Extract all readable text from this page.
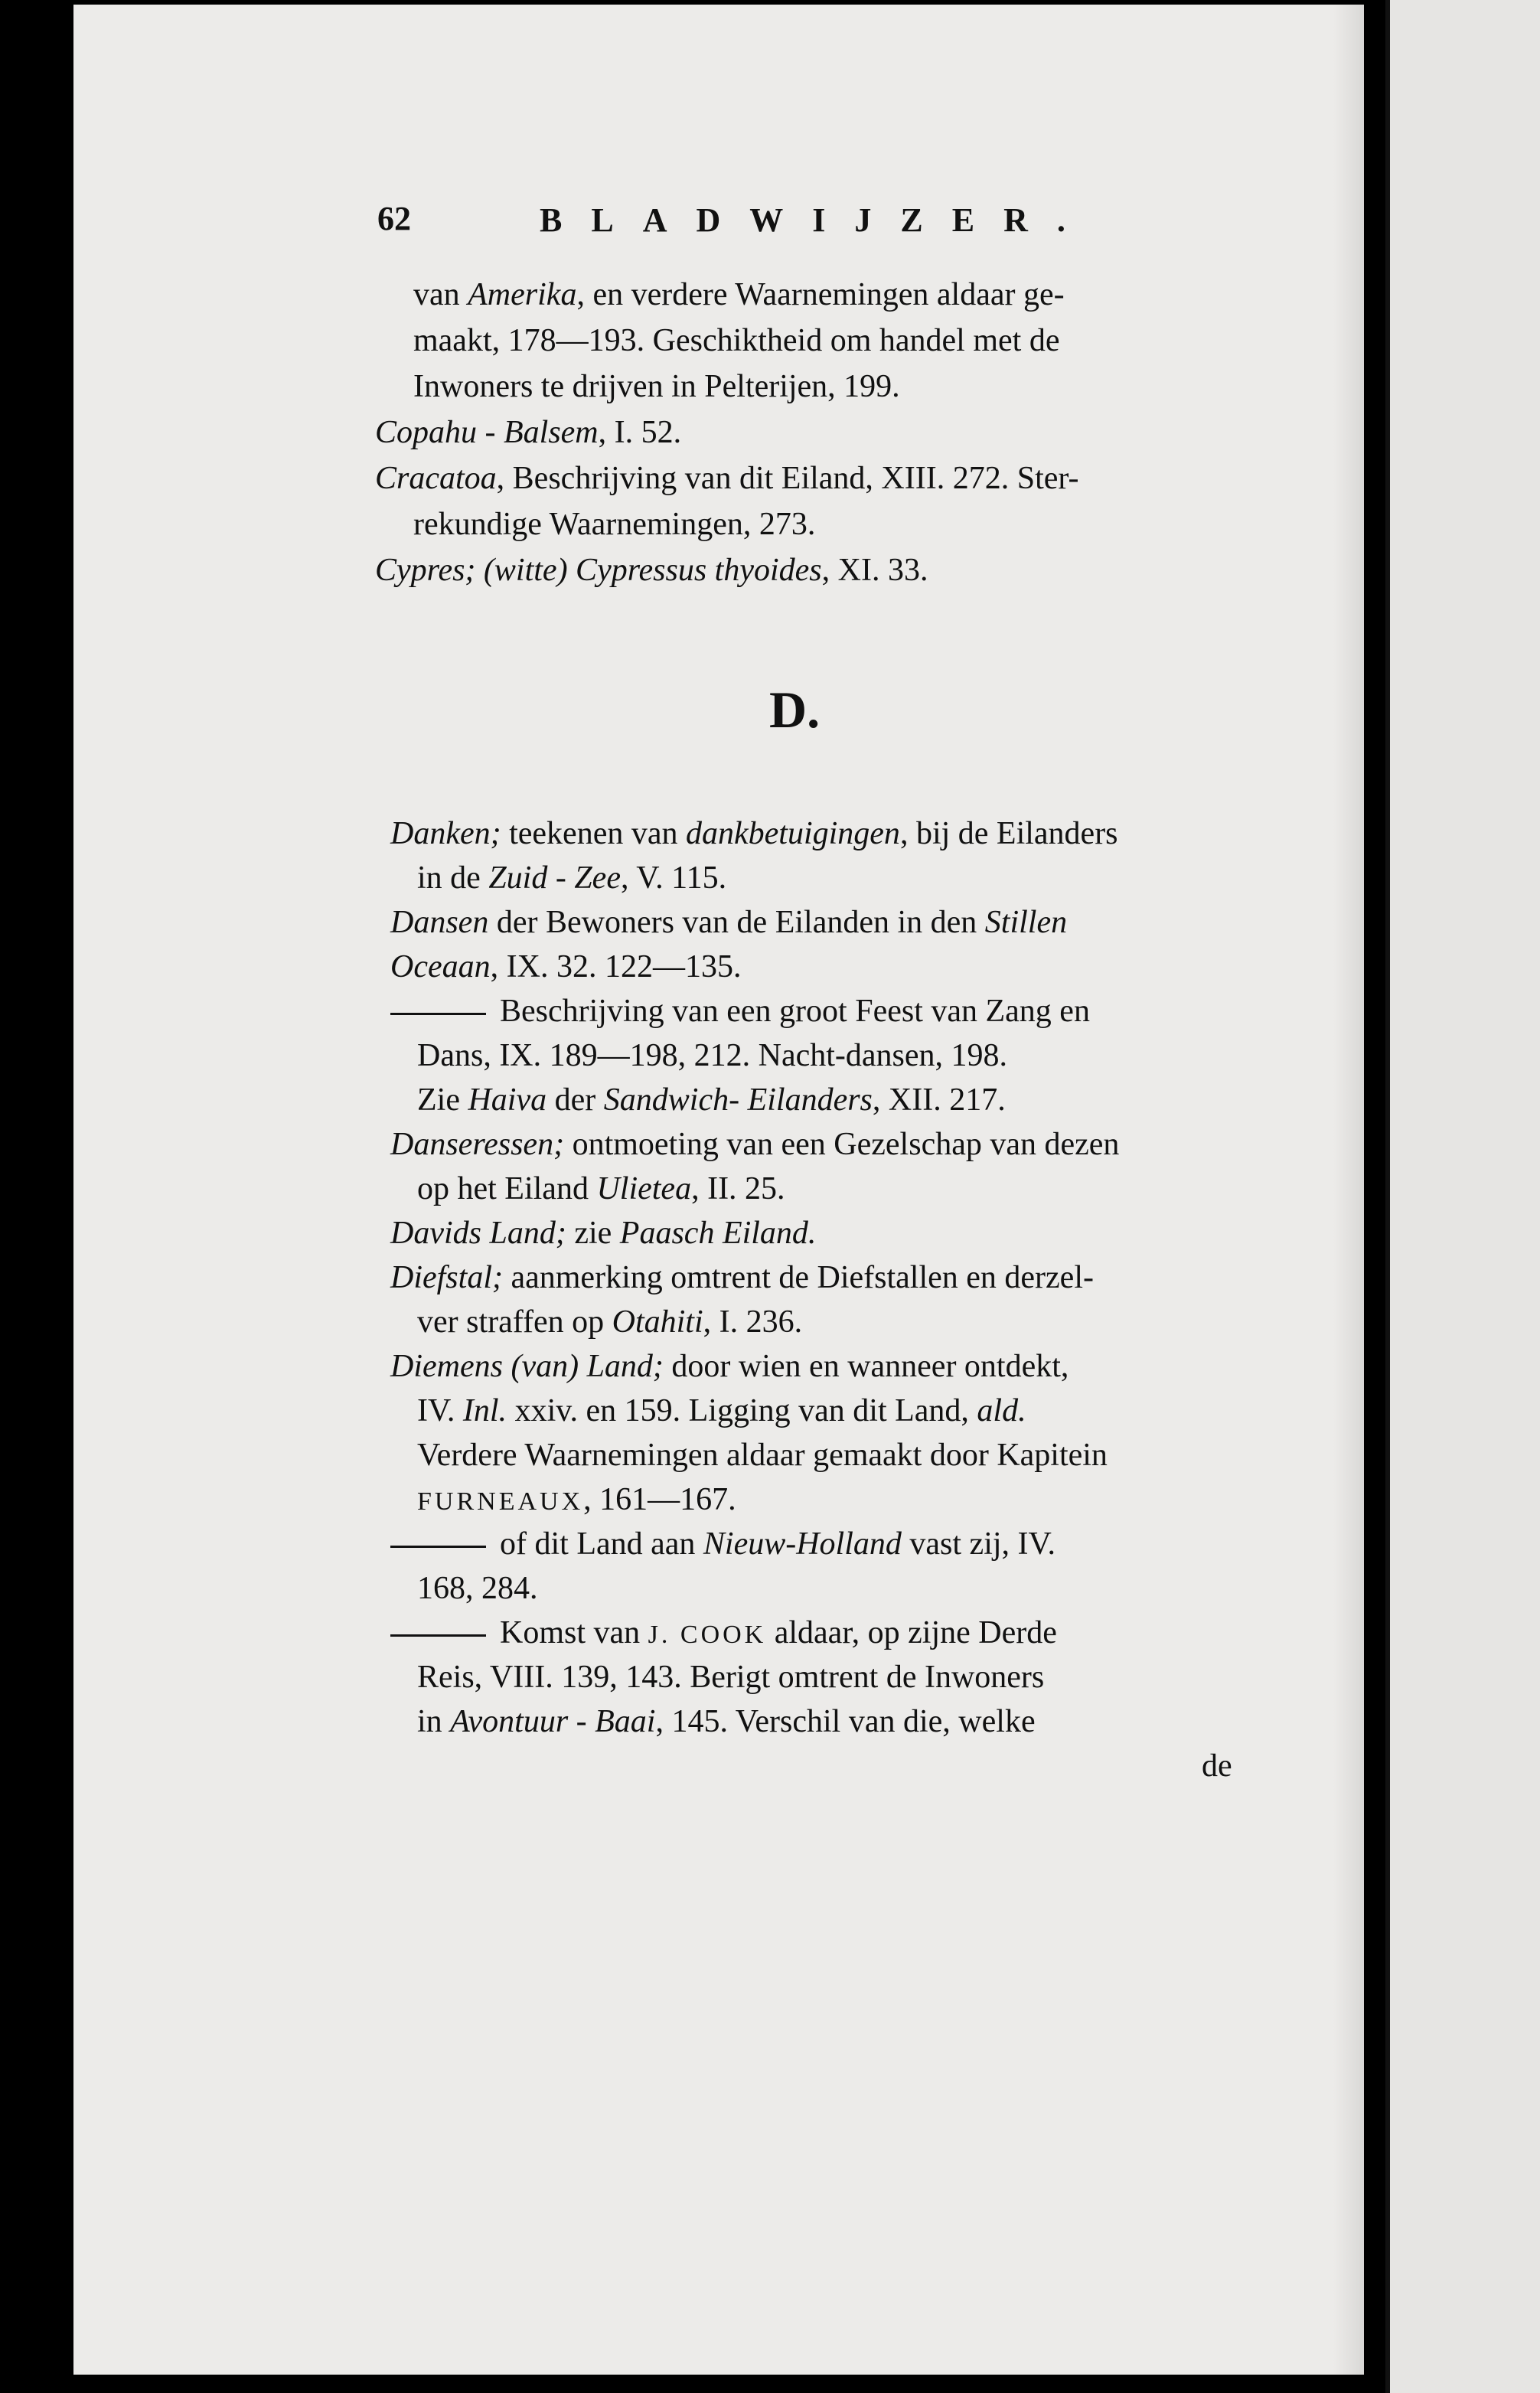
62	BLADWIJZER.
van Amerika, en verdere Waarnemingen aldaar ge-
maakt, 178—193. Geschiktheid om handel met de
Inwoners te drijven in Pelterijen, 199.
Copahu - Balsem, I. 52.
Cracatoa, Beschrijving van dit Eiland, XIII. 272. Ster-
rekundige Waarnemingen, 273.
Cypres; (witte) Cypressus thyoides, XI. 33.
D.
Danken; teekenen van dankbetuigingen, bij de Eilanders
in de Zuid - Zee, V. 115.
Dansen der Bewoners van de Eilanden in den Stillen
Oceaan, IX. 32. 122—135.
Beschrijving van een groot Feest van Zang en
Dans, IX. 189—198, 212. Nacht-dansen, 198.
Zie Haiva der Sandwich- Eilanders, XII. 217.
Danseressen; ontmoeting van een Gezelschap van dezen
op het Eiland Ulietea, II. 25.
Davids Land; zie Paasch Eiland.
Diefstal; aanmerking omtrent de Diefstallen en derzel-
ver straffen op Otahiti, I. 236.
Diemens (van) Land; door wien en wanneer ontdekt,
IV. Inl. xxiv. en 159. Ligging van dit Land, ald.
Verdere Waarnemingen aldaar gemaakt door Kapitein
FURNEAUX, 161—167.
of dit Land aan Nieuw-Holland vast zij, IV.
168, 284.
Komst van J. COOK aldaar, op zijne Derde
Reis, VIII. 139, 143. Berigt omtrent de Inwoners
in Avontuur - Baai, 145. Verschil van die, welke
de
